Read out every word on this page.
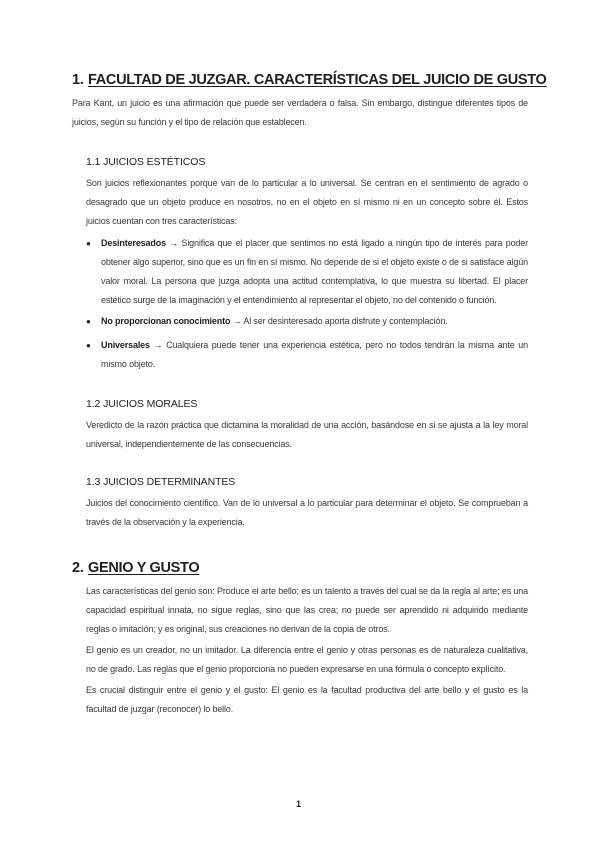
1. FACULTAD DE JUZGAR. CARACTERÍSTICAS DEL JUICIO DE GUSTO
Para Kant, un juicio es una afirmación que puede ser verdadera o falsa. Sin embargo, distingue diferentes tipos de juicios, según su función y el tipo de relación que establecen.
1.1 JUICIOS ESTÉTICOS
Son juicios reflexionantes porque van de lo particular a lo universal. Se centran en el sentimiento de agrado o desagrado que un objeto produce en nosotros, no en el objeto en sí mismo ni en un concepto sobre él. Estos juicios cuentan con tres características:
● Desinteresados → Significa que el placer que sentimos no está ligado a ningún tipo de interés para poder obtener algo superior, sino que es un fin en sí mismo. No depende de si el objeto existe o de si satisface algún valor moral. La persona que juzga adopta una actitud contemplativa, lo que muestra su libertad. El placer estético surge de la imaginación y el entendimiento al representar el objeto, no del contenido o función.
● No proporcionan conocimiento → Al ser desinteresado aporta disfrute y contemplación.
● Universales → Cualquiera puede tener una experiencia estética, pero no todos tendrán la misma ante un mismo objeto.
1.2 JUICIOS MORALES
Veredicto de la razón práctica que dictamina la moralidad de una acción, basándose en si se ajusta a la ley moral universal, independientemente de las consecuencias.
1.3 JUICIOS DETERMINANTES
Juicios del conocimiento científico. Van de lo universal a lo particular para determinar el objeto. Se comprueban a través de la observación y la experiencia.
2. GENIO Y GUSTO
Las características del genio son: Produce el arte bello; es un talento a través del cual se da la regla al arte; es una capacidad espiritual innata, no sigue reglas, sino que las crea; no puede ser aprendido ni adquirido mediante reglas o imitación; y es original, sus creaciones no derivan de la copia de otros.
El genio es un creador, no un imitador. La diferencia entre el genio y otras personas es de naturaleza cualitativa, no de grado. Las reglas que el genio proporciona no pueden expresarse en una fórmula o concepto explícito.
Es crucial distinguir entre el genio y el gusto: El genio es la facultad productiva del arte bello y el gusto es la facultad de juzgar (reconocer) lo bello.
1
